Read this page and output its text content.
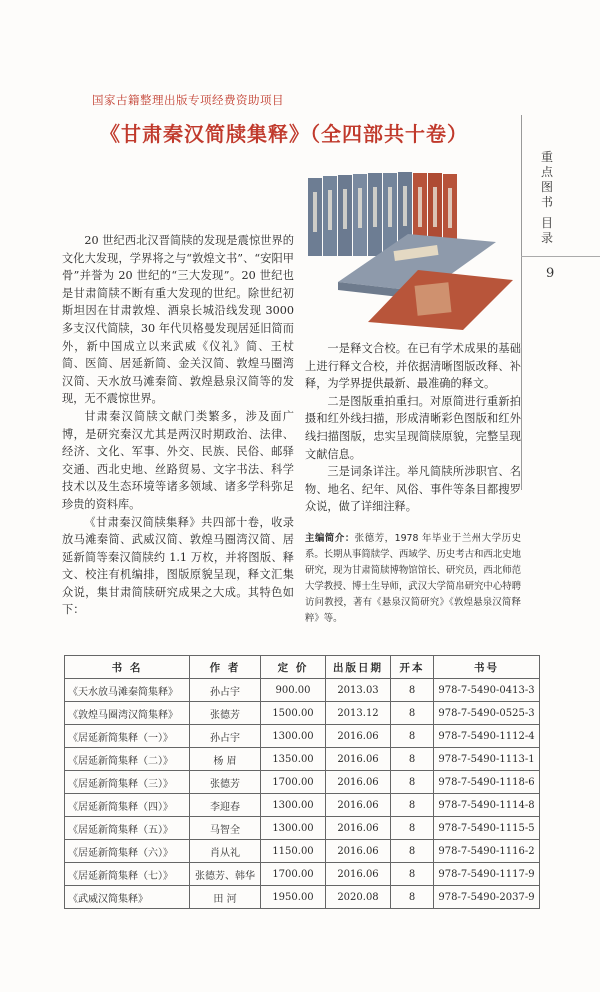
国家古籍整理出版专项经费资助项目
《甘肃秦汉简牍集释》（全四部共十卷）
重
点
图
书
目
录
9

20 世纪西北汉晋简牍的发现是震惊世界的文化大发现，学界将之与“敦煌文书”、“安阳甲骨”并誉为 20 世纪的“三大发现”。20 世纪也是甘肃简牍不断有重大发现的世纪。除世纪初斯坦因在甘肃敦煌、酒泉长城沿线发现 3000 多支汉代简牍，30 年代贝格曼发现居延旧简而外，新中国成立以来武威《仪礼》简、王杖简、医简、居延新简、金关汉简、敦煌马圈湾汉简、天水放马滩秦简、敦煌悬泉汉简等的发现，无不震惊世界。

甘肃秦汉简牍文献门类繁多，涉及面广博，是研究秦汉尤其是两汉时期政治、法律、经济、文化、军事、外交、民族、民俗、邮驿交通、西北史地、丝路贸易、文字书法、科学技术以及生态环境等诸多领域、诸多学科弥足珍贵的资料库。

《甘肃秦汉简牍集释》共四部十卷，收录放马滩秦简、武威汉简、敦煌马圈湾汉简、居延新简等秦汉简牍约 1.1 万枚，并将图版、释文、校注有机编排，图版原貌呈现，释文汇集众说，集甘肃简牍研究成果之大成。其特色如下：

一是释文合校。在已有学术成果的基础上进行释文合校，并依据清晰图版改释、补释，为学界提供最新、最准确的释文。

二是图版重拍重扫。对原简进行重新拍摄和红外线扫描，形成清晰彩色图版和红外线扫描图版，忠实呈现简牍原貌，完整呈现文献信息。

三是词条详注。举凡简牍所涉职官、名物、地名、纪年、风俗、事件等条目都搜罗众说，做了详细注释。

主编简介：张德芳，1978 年毕业于兰州大学历史系。长期从事简牍学、西域学、历史考古和西北史地研究，现为甘肃简牍博物馆馆长、研究员，西北师范大学教授、博士生导师，武汉大学简帛研究中心特聘访问教授，著有《悬泉汉简研究》《敦煌悬泉汉简释粹》等。
书 名	作 者	定 价	出版日期	开本	书号
《天水放马滩秦简集释》	孙占宇	900.00	2013.03	8	978-7-5490-0413-3
《敦煌马圈湾汉简集释》	张德芳	1500.00	2013.12	8	978-7-5490-0525-3
《居延新简集释（一）》	孙占宇	1300.00	2016.06	8	978-7-5490-1112-4
《居延新简集释（二）》	杨 眉	1350.00	2016.06	8	978-7-5490-1113-1
《居延新简集释（三）》	张德芳	1700.00	2016.06	8	978-7-5490-1118-6
《居延新简集释（四）》	李迎春	1300.00	2016.06	8	978-7-5490-1114-8
《居延新简集释（五）》	马智全	1300.00	2016.06	8	978-7-5490-1115-5
《居延新简集释（六）》	肖从礼	1150.00	2016.06	8	978-7-5490-1116-2
《居延新简集释（七）》	张德芳、韩华	1700.00	2016.06	8	978-7-5490-1117-9
《武威汉简集释》	田 河	1950.00	2020.08	8	978-7-5490-2037-9
